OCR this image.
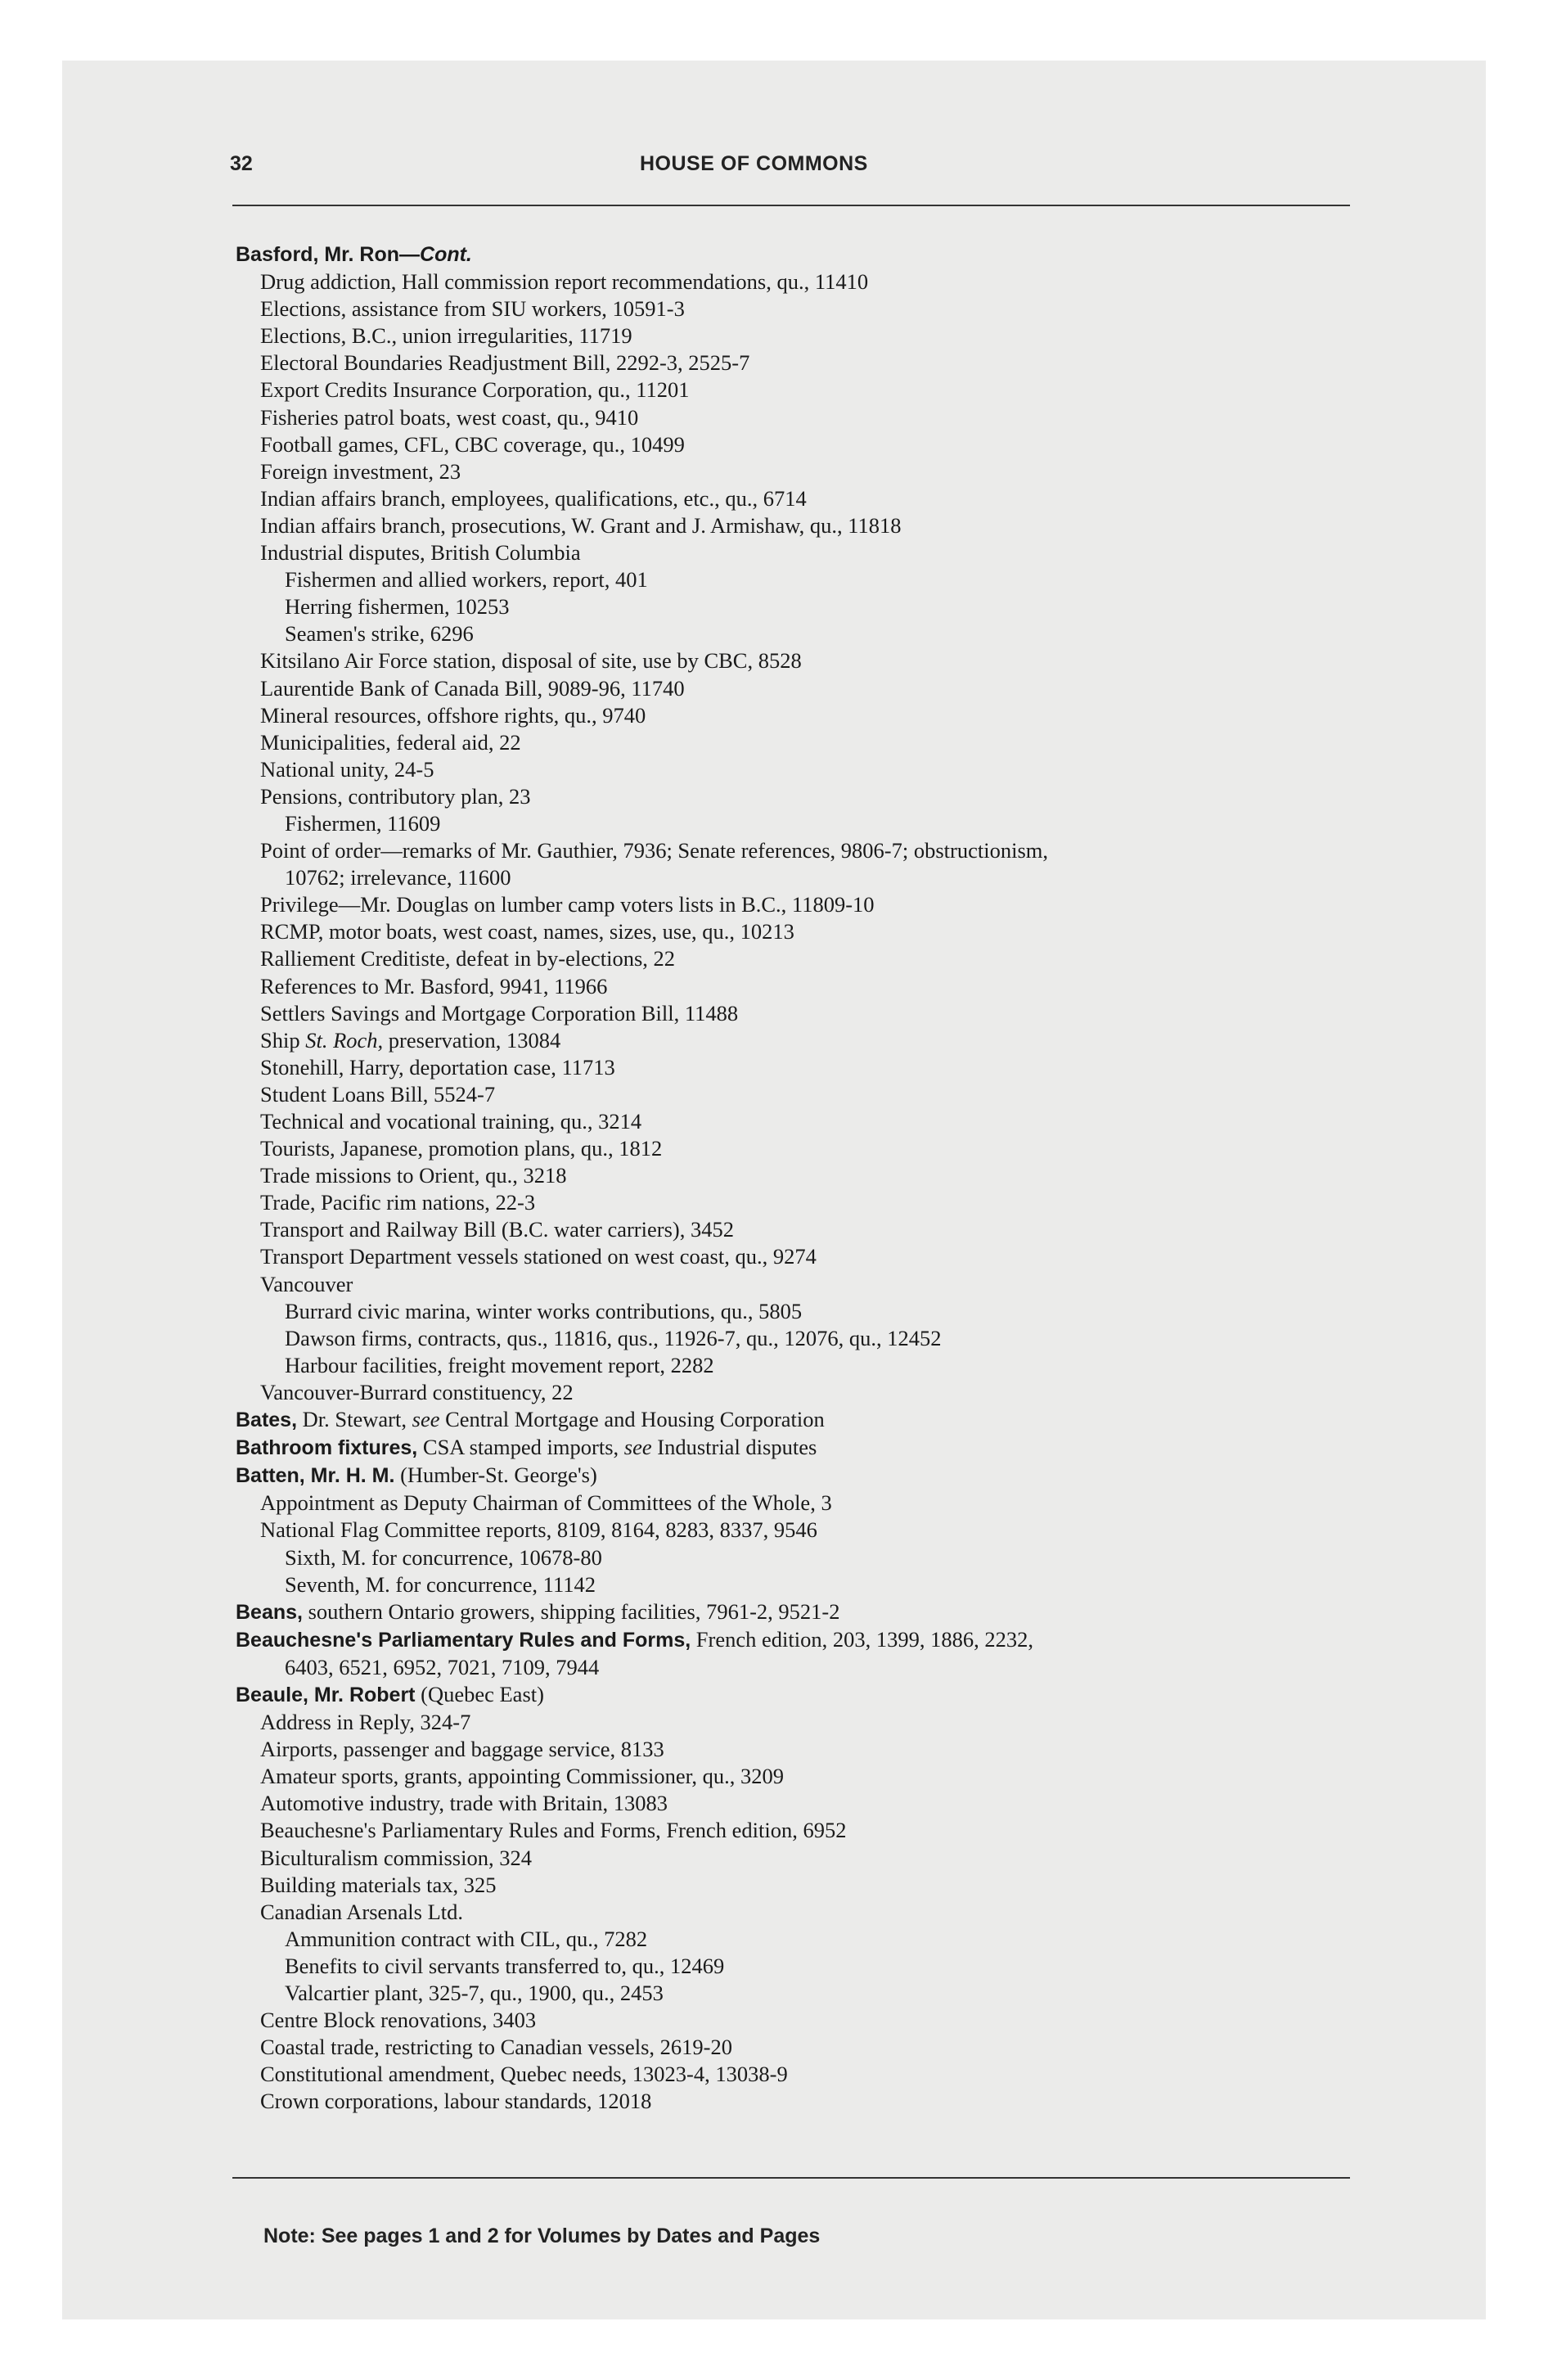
32	HOUSE OF COMMONS
Basford, Mr. Ron—Cont.
Drug addiction, Hall commission report recommendations, qu., 11410
Elections, assistance from SIU workers, 10591-3
Elections, B.C., union irregularities, 11719
Electoral Boundaries Readjustment Bill, 2292-3, 2525-7
Export Credits Insurance Corporation, qu., 11201
Fisheries patrol boats, west coast, qu., 9410
Football games, CFL, CBC coverage, qu., 10499
Foreign investment, 23
Indian affairs branch, employees, qualifications, etc., qu., 6714
Indian affairs branch, prosecutions, W. Grant and J. Armishaw, qu., 11818
Industrial disputes, British Columbia
Fishermen and allied workers, report, 401
Herring fishermen, 10253
Seamen's strike, 6296
Kitsilano Air Force station, disposal of site, use by CBC, 8528
Laurentide Bank of Canada Bill, 9089-96, 11740
Mineral resources, offshore rights, qu., 9740
Municipalities, federal aid, 22
National unity, 24-5
Pensions, contributory plan, 23
Fishermen, 11609
Point of order—remarks of Mr. Gauthier, 7936; Senate references, 9806-7; obstructionism,
10762; irrelevance, 11600
Privilege—Mr. Douglas on lumber camp voters lists in B.C., 11809-10
RCMP, motor boats, west coast, names, sizes, use, qu., 10213
Ralliement Creditiste, defeat in by-elections, 22
References to Mr. Basford, 9941, 11966
Settlers Savings and Mortgage Corporation Bill, 11488
Ship St. Roch, preservation, 13084
Stonehill, Harry, deportation case, 11713
Student Loans Bill, 5524-7
Technical and vocational training, qu., 3214
Tourists, Japanese, promotion plans, qu., 1812
Trade missions to Orient, qu., 3218
Trade, Pacific rim nations, 22-3
Transport and Railway Bill (B.C. water carriers), 3452
Transport Department vessels stationed on west coast, qu., 9274
Vancouver
Burrard civic marina, winter works contributions, qu., 5805
Dawson firms, contracts, qus., 11816, qus., 11926-7, qu., 12076, qu., 12452
Harbour facilities, freight movement report, 2282
Vancouver-Burrard constituency, 22
Bates, Dr. Stewart, see Central Mortgage and Housing Corporation
Bathroom fixtures, CSA stamped imports, see Industrial disputes
Batten, Mr. H. M. (Humber-St. George's)
Appointment as Deputy Chairman of Committees of the Whole, 3
National Flag Committee reports, 8109, 8164, 8283, 8337, 9546
Sixth, M. for concurrence, 10678-80
Seventh, M. for concurrence, 11142
Beans, southern Ontario growers, shipping facilities, 7961-2, 9521-2
Beauchesne's Parliamentary Rules and Forms, French edition, 203, 1399, 1886, 2232,
6403, 6521, 6952, 7021, 7109, 7944
Beaule, Mr. Robert (Quebec East)
Address in Reply, 324-7
Airports, passenger and baggage service, 8133
Amateur sports, grants, appointing Commissioner, qu., 3209
Automotive industry, trade with Britain, 13083
Beauchesne's Parliamentary Rules and Forms, French edition, 6952
Biculturalism commission, 324
Building materials tax, 325
Canadian Arsenals Ltd.
Ammunition contract with CIL, qu., 7282
Benefits to civil servants transferred to, qu., 12469
Valcartier plant, 325-7, qu., 1900, qu., 2453
Centre Block renovations, 3403
Coastal trade, restricting to Canadian vessels, 2619-20
Constitutional amendment, Quebec needs, 13023-4, 13038-9
Crown corporations, labour standards, 12018
Note: See pages 1 and 2 for Volumes by Dates and Pages
